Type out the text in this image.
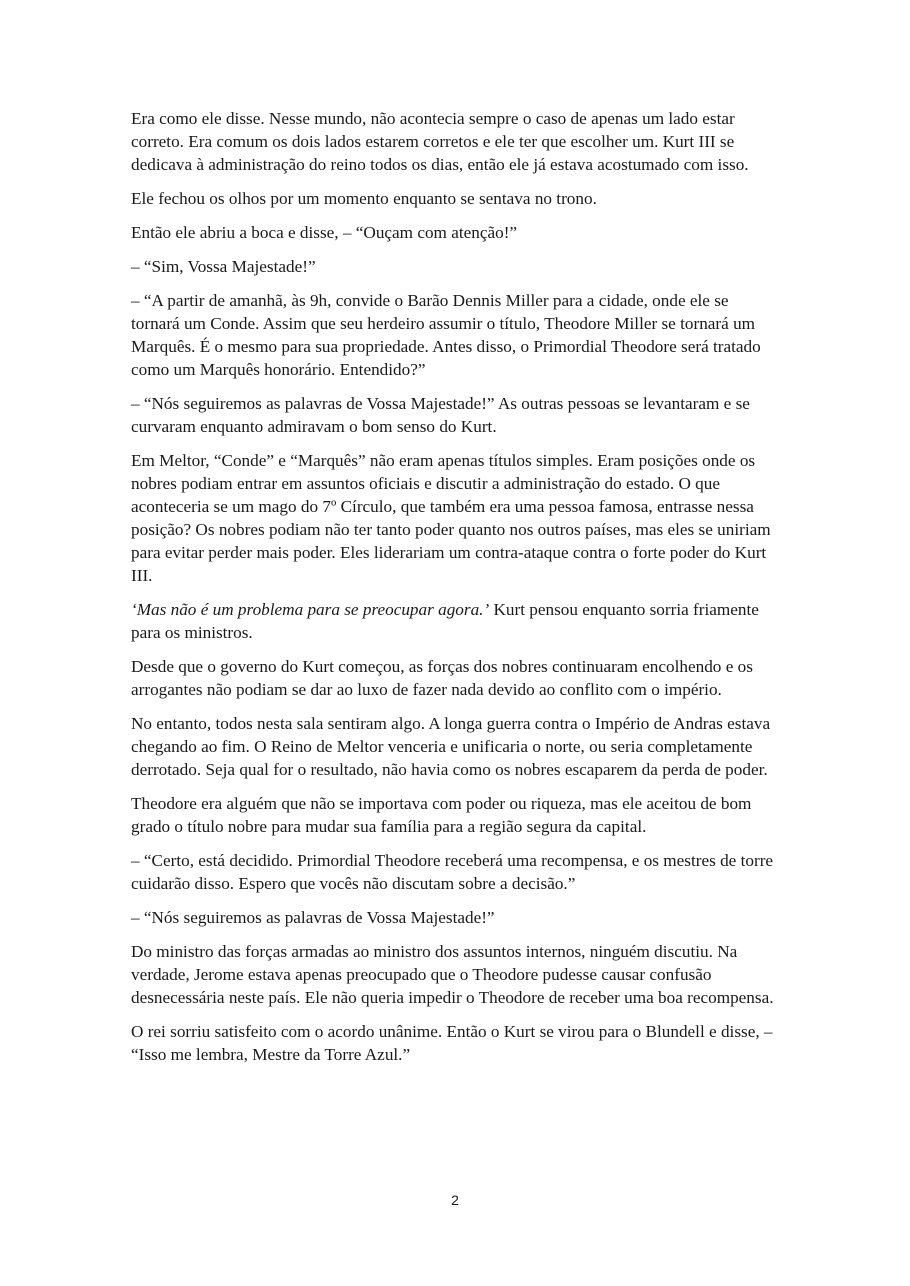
Era como ele disse. Nesse mundo, não acontecia sempre o caso de apenas um lado estar correto. Era comum os dois lados estarem corretos e ele ter que escolher um. Kurt III se dedicava à administração do reino todos os dias, então ele já estava acostumado com isso.

Ele fechou os olhos por um momento enquanto se sentava no trono.

Então ele abriu a boca e disse, – “Ouçam com atenção!”

– “Sim, Vossa Majestade!”

– “A partir de amanhã, às 9h, convide o Barão Dennis Miller para a cidade, onde ele se tornará um Conde. Assim que seu herdeiro assumir o título, Theodore Miller se tornará um Marquês. É o mesmo para sua propriedade. Antes disso, o Primordial Theodore será tratado como um Marquês honorário. Entendido?”

– “Nós seguiremos as palavras de Vossa Majestade!” As outras pessoas se levantaram e se curvaram enquanto admiravam o bom senso do Kurt.

Em Meltor, “Conde” e “Marquês” não eram apenas títulos simples. Eram posições onde os nobres podiam entrar em assuntos oficiais e discutir a administração do estado. O que aconteceria se um mago do 7º Círculo, que também era uma pessoa famosa, entrasse nessa posição? Os nobres podiam não ter tanto poder quanto nos outros países, mas eles se uniriam para evitar perder mais poder. Eles liderariam um contra-ataque contra o forte poder do Kurt III.

‘Mas não é um problema para se preocupar agora.’ Kurt pensou enquanto sorria friamente para os ministros.

Desde que o governo do Kurt começou, as forças dos nobres continuaram encolhendo e os arrogantes não podiam se dar ao luxo de fazer nada devido ao conflito com o império.

No entanto, todos nesta sala sentiram algo. A longa guerra contra o Império de Andras estava chegando ao fim. O Reino de Meltor venceria e unificaria o norte, ou seria completamente derrotado. Seja qual for o resultado, não havia como os nobres escaparem da perda de poder.

Theodore era alguém que não se importava com poder ou riqueza, mas ele aceitou de bom grado o título nobre para mudar sua família para a região segura da capital.

– “Certo, está decidido. Primordial Theodore receberá uma recompensa, e os mestres de torre cuidarão disso. Espero que vocês não discutam sobre a decisão.”

– “Nós seguiremos as palavras de Vossa Majestade!”

Do ministro das forças armadas ao ministro dos assuntos internos, ninguém discutiu. Na verdade, Jerome estava apenas preocupado que o Theodore pudesse causar confusão desnecessária neste país. Ele não queria impedir o Theodore de receber uma boa recompensa.

O rei sorriu satisfeito com o acordo unânime. Então o Kurt se virou para o Blundell e disse, – “Isso me lembra, Mestre da Torre Azul.”

2
